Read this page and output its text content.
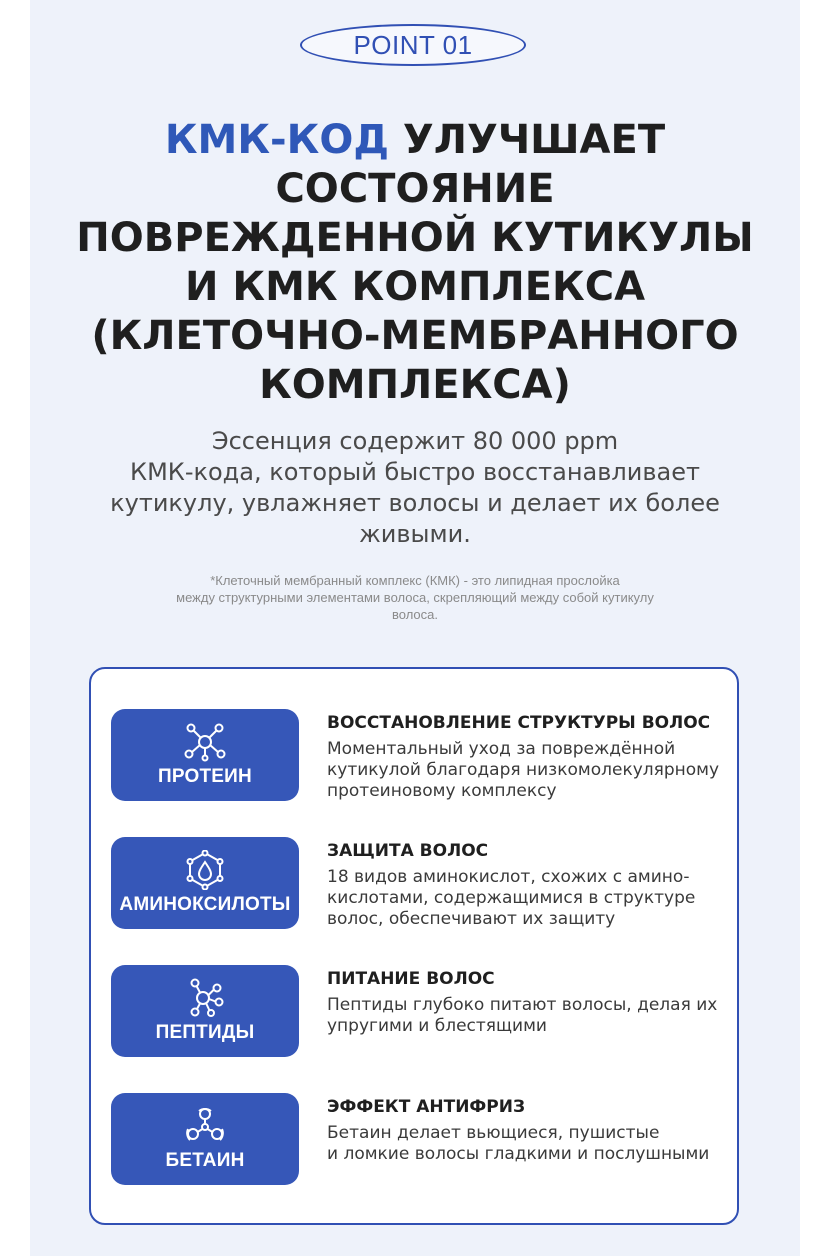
POINT 01
КМК-КОД УЛУЧШАЕТ
СОСТОЯНИЕ
ПОВРЕЖДЕННОЙ КУТИКУЛЫ
И КМК КОМПЛЕКСА
(КЛЕТОЧНО-МЕМБРАННОГО
КОМПЛЕКСА)

Эссенция содержит 80 000 ppm
КМК-кода, который быстро восстанавливает
кутикулу, увлажняет волосы и делает их более
живыми.

*Клеточный мембранный комплекс (КМК) - это липидная прослойка
между структурными элементами волоса, скрепляющий между собой кутикулу
волоса.

ПРОТЕИН
ВОССТАНОВЛЕНИЕ СТРУКТУРЫ ВОЛОС
Моментальный уход за повреждённой
кутикулой благодаря низкомолекулярному
протеиновому комплексу
АМИНОКСИЛОТЫ
ЗАЩИТА ВОЛОС
18 видов аминокислот, схожих с амино-
кислотами, содержащимися в структуре
волос, обеспечивают их защиту
ПЕПТИДЫ
ПИТАНИЕ ВОЛОС
Пептиды глубоко питают волосы, делая их
упругими и блестящими
БЕТАИН
ЭФФЕКТ АНТИФРИЗ
Бетаин делает вьющиеся, пушистые
и ломкие волосы гладкими и послушными
